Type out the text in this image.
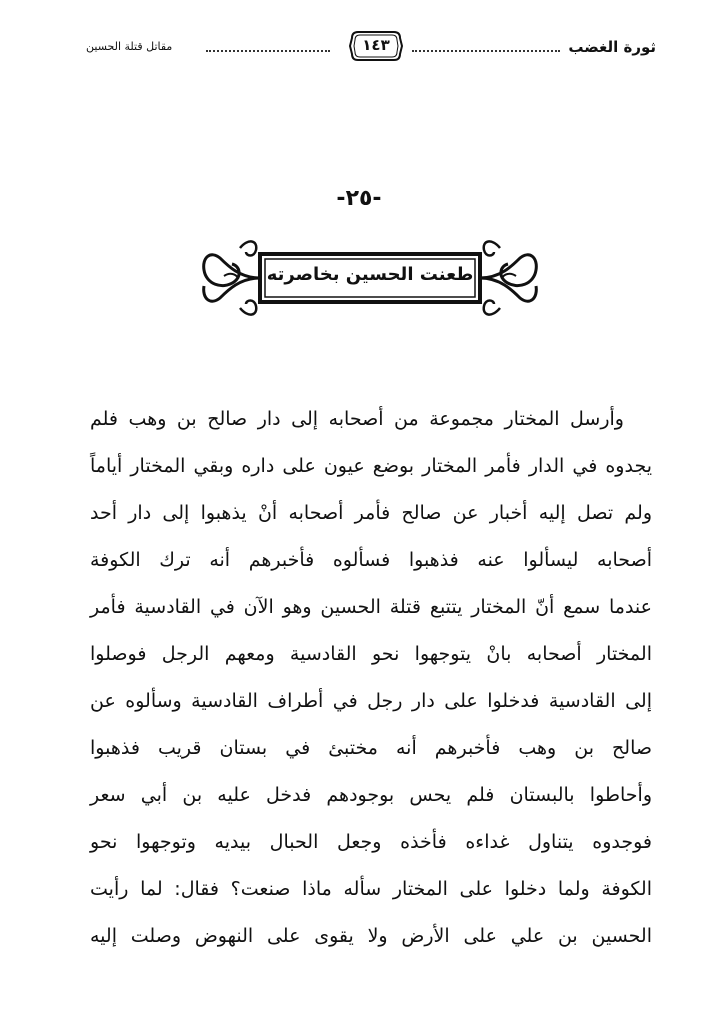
ثورة الغضب
١٤٣
مقاتل قتلة الحسين
-٢٥-
طعنت الحسين بخاصرته
وأرسل المختار مجموعة من أصحابه إلى دار صالح بن وهب فلم
يجدوه في الدار فأمر المختار بوضع عيون على داره وبقي المختار أياماً
ولم تصل إليه أخبار عن صالح فأمر أصحابه أنْ يذهبوا إلى دار أحد
أصحابه ليسألوا عنه فذهبوا فسألوه فأخبرهم أنه ترك الكوفة
عندما سمع أنّ المختار يتتبع قتلة الحسين وهو الآن في القادسية فأمر
المختار أصحابه بانْ يتوجهوا نحو القادسية ومعهم الرجل فوصلوا
إلى القادسية فدخلوا على دار رجل في أطراف القادسية وسألوه عن
صالح بن وهب فأخبرهم أنه مختبئ في بستان قريب فذهبوا
وأحاطوا بالبستان فلم يحس بوجودهم فدخل عليه بن أبي سعر
فوجدوه يتناول غداءه فأخذه وجعل الحبال بيديه وتوجهوا نحو
الكوفة ولما دخلوا على المختار سأله ماذا صنعت؟ فقال: لما رأيت
الحسين بن علي على الأرض ولا يقوى على النهوض وصلت إليه
